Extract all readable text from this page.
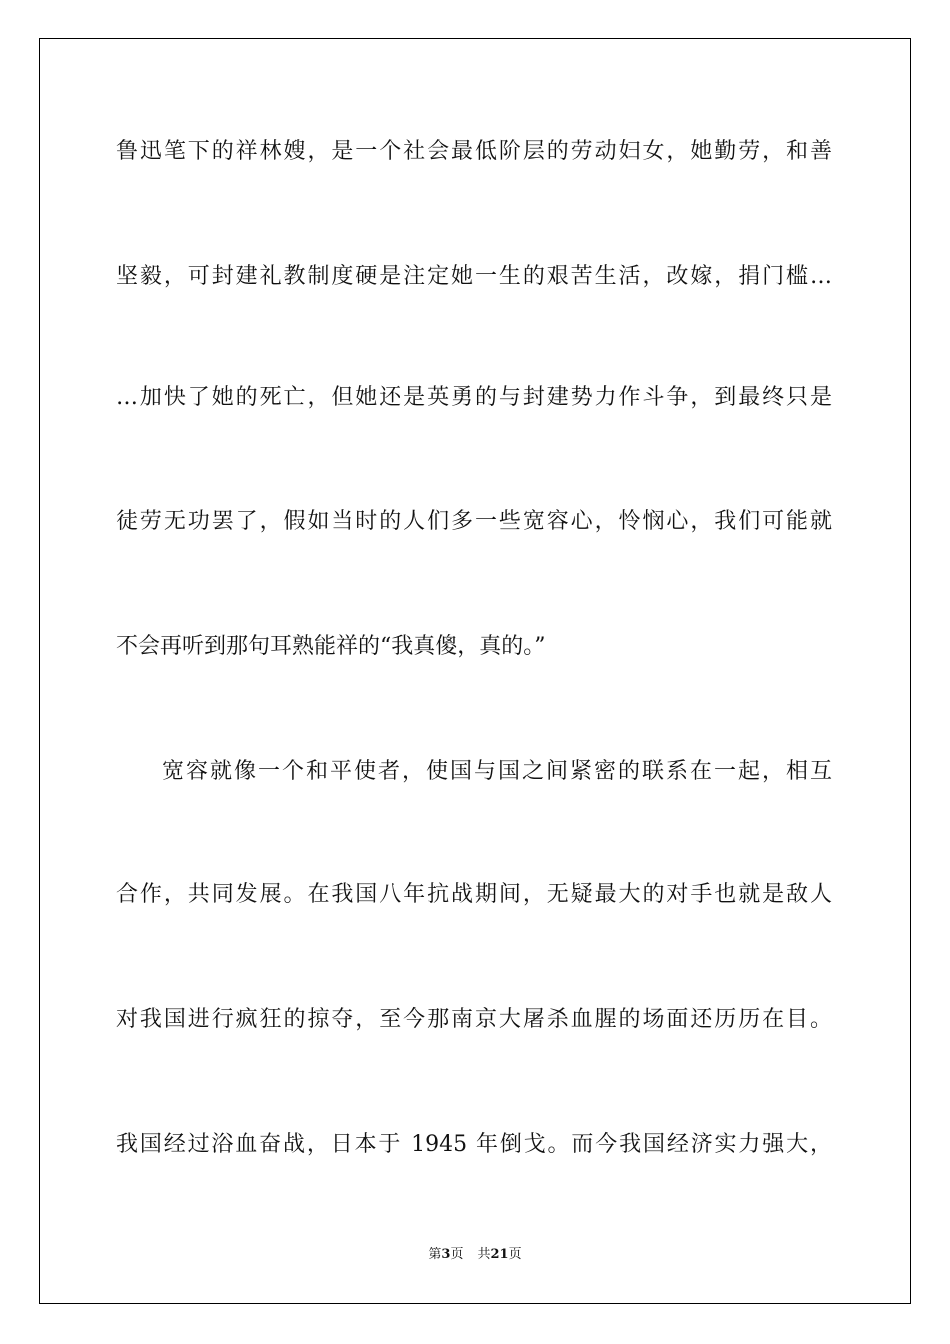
鲁迅笔下的祥林嫂，是一个社会最低阶层的劳动妇女，她勤劳，和善
坚毅，可封建礼教制度硬是注定她一生的艰苦生活，改嫁，捐门槛…
…加快了她的死亡，但她还是英勇的与封建势力作斗争，到最终只是
徒劳无功罢了，假如当时的人们多一些宽容心，怜悯心，我们可能就
不会再听到那句耳熟能祥的“我真傻，真的。”
宽容就像一个和平使者，使国与国之间紧密的联系在一起，相互
合作，共同发展。在我国八年抗战期间，无疑最大的对手也就是敌人
对我国进行疯狂的掠夺，至今那南京大屠杀血腥的场面还历历在目。
我国经过浴血奋战，日本于 1945 年倒戈。而今我国经济实力强大，
第3页 共21页
